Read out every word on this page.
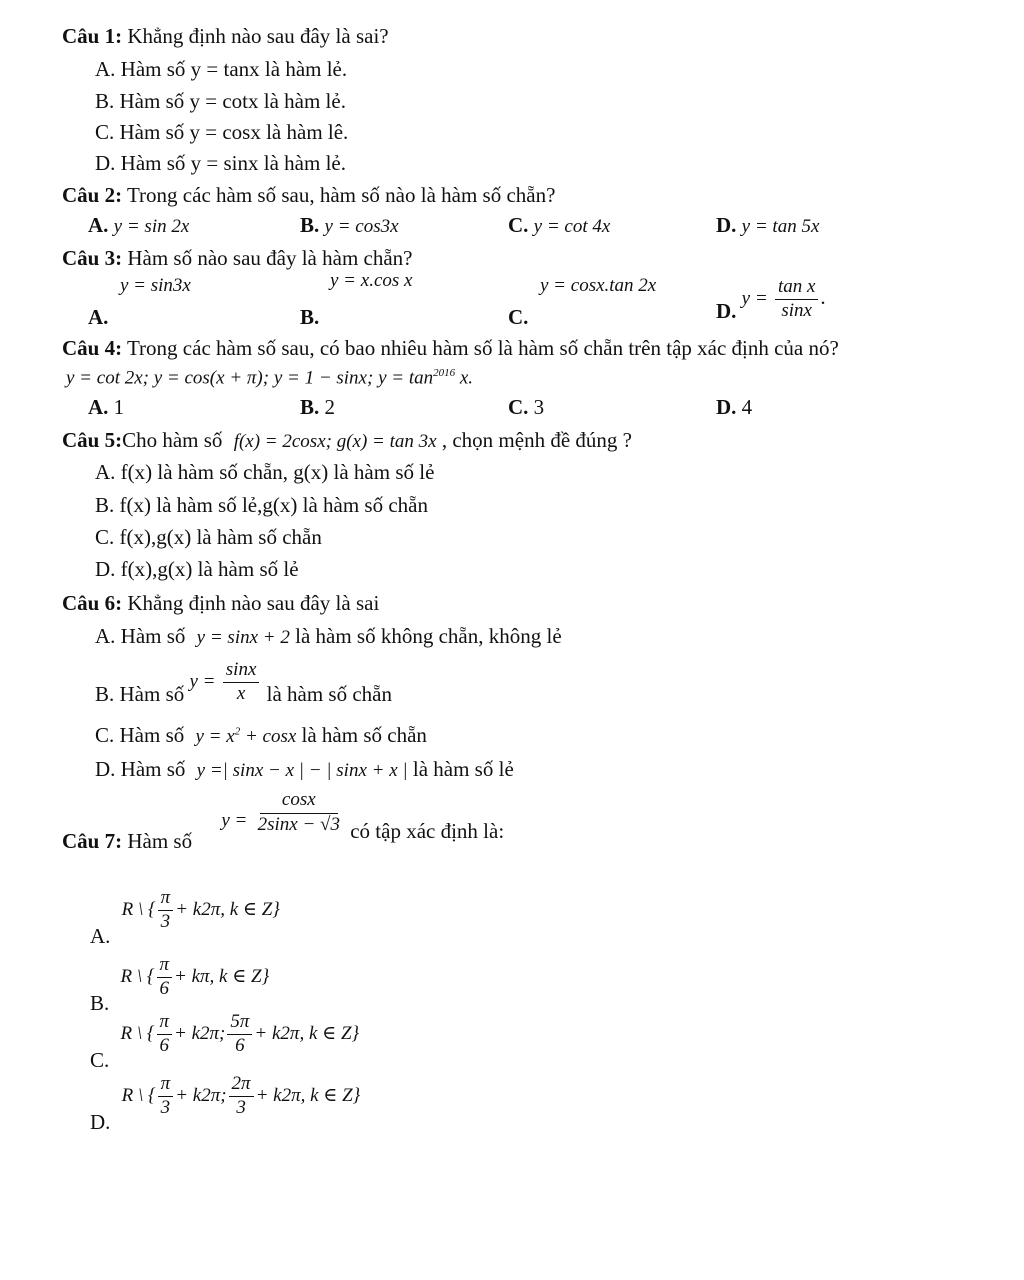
Câu 1: Khẳng định nào sau đây là sai?
A. Hàm số y = tanx là hàm lẻ.
B. Hàm số y = cotx là hàm lẻ.
C. Hàm số y = cosx là hàm lê.
D. Hàm số y = sinx là hàm lẻ.
Câu 2: Trong các hàm số sau, hàm số nào là hàm số chẵn?
A. y = sin 2x	B. y = cos3x	C. y = cot 4x	D. y = tan 5x
Câu 3: Hàm số nào sau đây là hàm chẵn?
y = sin3x	y = x.cos x	y = cosx.tan 2x
A.	B.	C.	D. $y = \frac{\text{tan x}}{\sin x}$ .
Câu 4: Trong các hàm số sau, có bao nhiêu hàm số là hàm số chẵn trên tập xác định của nó?
y = cot 2x; y = cos(x + π); y = 1 − sinx; $y = \tan^{2016} x$.
A. 1	B. 2	C. 3	D. 4
Câu 5:Cho hàm số f(x) = 2cosx; g(x) = tan 3x , chọn mệnh đề đúng ?
A. f(x) là hàm số chẵn, g(x) là hàm số lẻ
B. f(x) là hàm số lẻ,g(x) là hàm số chẵn
C. f(x),g(x) là hàm số chẵn
D. f(x),g(x) là hàm số lẻ
Câu 6: Khẳng định nào sau đây là sai
A. Hàm số y = sinx + 2 là hàm số không chẵn, không lẻ
B. Hàm số $y = \frac{\sin x}{x}$ là hàm số chẵn
C. Hàm số $y = x^2 + \cos x$ là hàm số chẵn
D. Hàm số y =| sinx − x | − | sinx + x | là hàm số lẻ
Câu 7: Hàm số $y = \frac{\cos x}{2\sin x - √3}$ có tập xác định là:
A. R \ { $\frac{\pi}{3} + k2\pi$, k ∈ Z}
B. R \ { $\frac{\pi}{6} + k\pi$, k ∈ Z}
C. R \ { $\frac{\pi}{6} + k2\pi$; $\frac{5\pi}{6} + k2\pi$, k ∈ Z}
D. R \ { $\frac{\pi}{3} + k2\pi$; $\frac{2\pi}{3} + k2\pi$, k ∈ Z}
